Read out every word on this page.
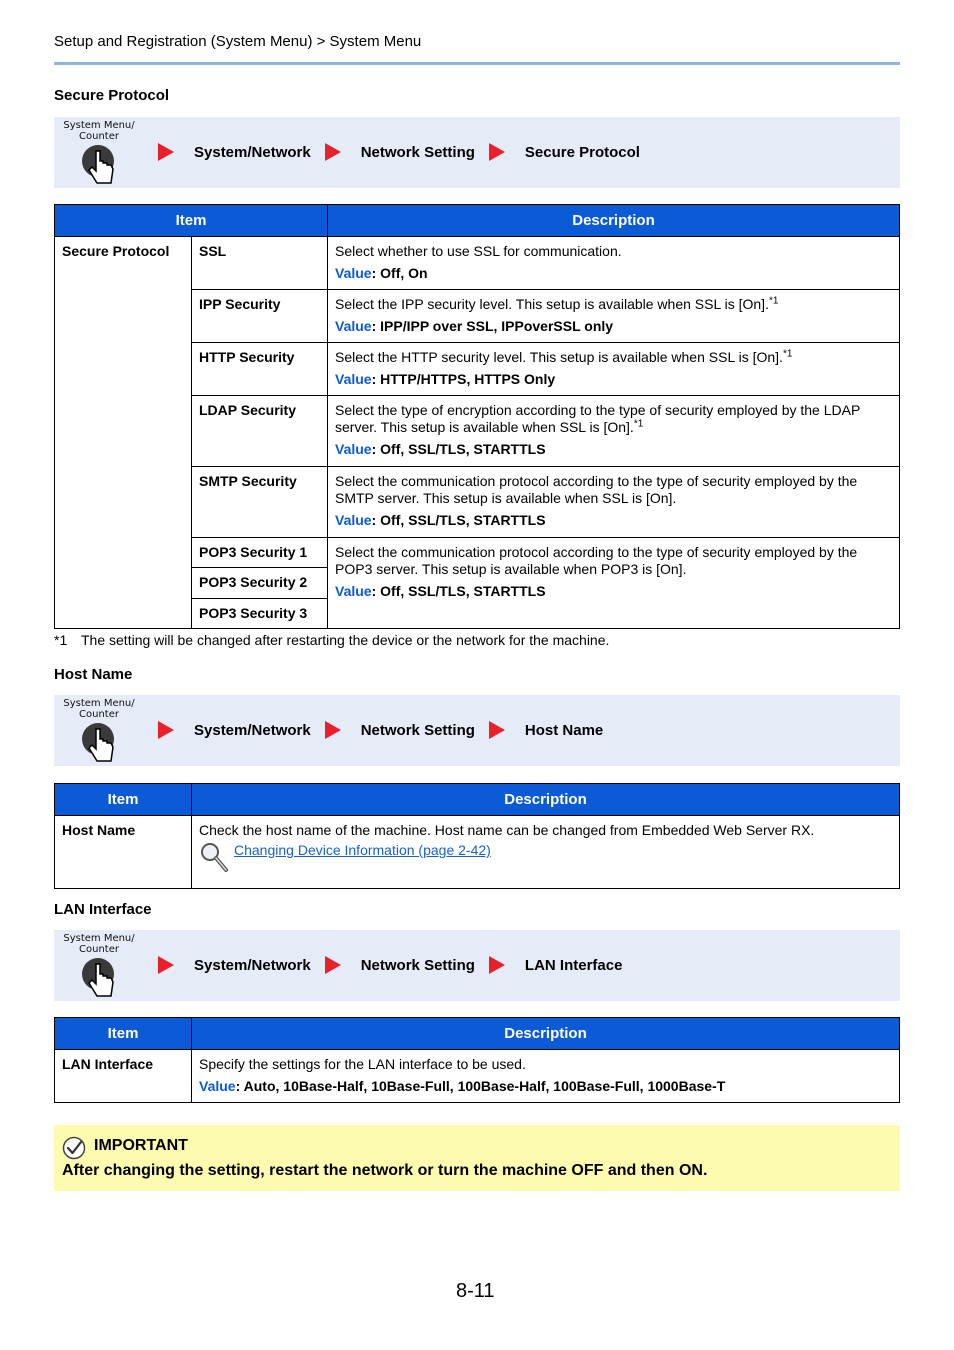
Setup and Registration (System Menu) > System Menu
Secure Protocol
System Menu/
Counter
System/Network	Network Setting	Secure Protocol
Item		Description
Secure Protocol	SSL	Select whether to use SSL for communication.
Value: Off, On

	IPP Security	Select the IPP security level. This setup is available when SSL is [On].$^{*1}$
Value: IPP/IPP over SSL, IPPoverSSL only

	HTTP Security	Select the HTTP security level. This setup is available when SSL is [On].$^{*1}$
Value: HTTP/HTTPS, HTTPS Only

	LDAP Security	Select the type of encryption according to the type of security employed by the LDAP server. This setup is available when SSL is [On].$^{*1}$
Value: Off, SSL/TLS, STARTTLS

	SMTP Security	Select the communication protocol according to the type of security employed by the SMTP server. This setup is available when SSL is [On].
Value: Off, SSL/TLS, STARTTLS

	POP3 Security 1	Select the communication protocol according to the type of security employed by the POP3 server. This setup is available when POP3 is [On].
Value: Off, SSL/TLS, STARTTLS

	POP3 Security 2	
	POP3 Security 3	
*1 The setting will be changed after restarting the device or the network for the machine.
Host Name
System Menu/
Counter
System/Network	Network Setting	Host Name
Item	Description
Host Name	Check the host name of the machine. Host name can be changed from Embedded Web Server RX.
Changing Device Information (page 2-42)
LAN Interface
System Menu/
Counter
System/Network	Network Setting	LAN Interface
Item	Description
LAN Interface	Specify the settings for the LAN interface to be used.
Value: Auto, 10Base-Half, 10Base-Full, 100Base-Half, 100Base-Full, 1000Base-T
IMPORTANT
After changing the setting, restart the network or turn the machine OFF and then ON.
8-11
